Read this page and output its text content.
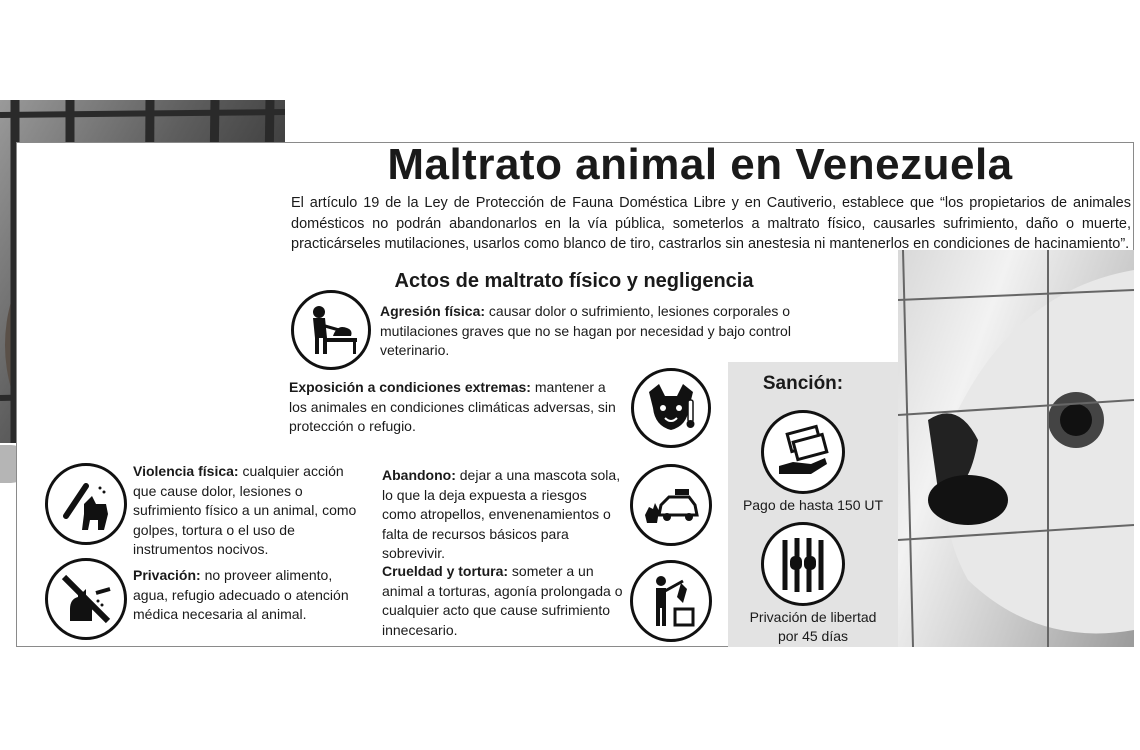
Maltrato animal en Venezuela

El artículo 19 de la Ley de Protección de Fauna Doméstica Libre y en Cautiverio, establece que “los propietarios de animales domésticos no podrán abandonarlos en la vía pública, someterlos a maltrato físico, causarles sufrimiento, daño o muerte, practicárseles mutilaciones, usarlos como blanco de tiro, castrarlos sin anestesia ni mantenerlos en condiciones de hacinamiento”.

Actos de maltrato físico y negligencia

Agresión física: causar dolor o sufrimiento, lesiones corporales o mutilaciones graves que no se hagan por necesidad y bajo control veterinario.

Exposición a condiciones extremas: mantener a los animales en condiciones climáticas adversas, sin protección o refugio.

Violencia física: cualquier acción que cause dolor, lesiones o sufrimiento físico a un animal, como golpes, tortura o el uso de instrumentos nocivos.

Abandono: dejar a una mascota sola, lo que la deja expuesta a riesgos como atropellos, envenenamientos o falta de recursos básicos para sobrevivir.

Privación: no proveer alimento, agua, refugio adecuado o atención médica necesaria al animal.

Crueldad y tortura: someter a un animal a torturas, agonía prolongada o cualquier acto que cause sufrimiento innecesario.

Sanción:

Pago de hasta 150 UT

Privación de libertad por 45 días
